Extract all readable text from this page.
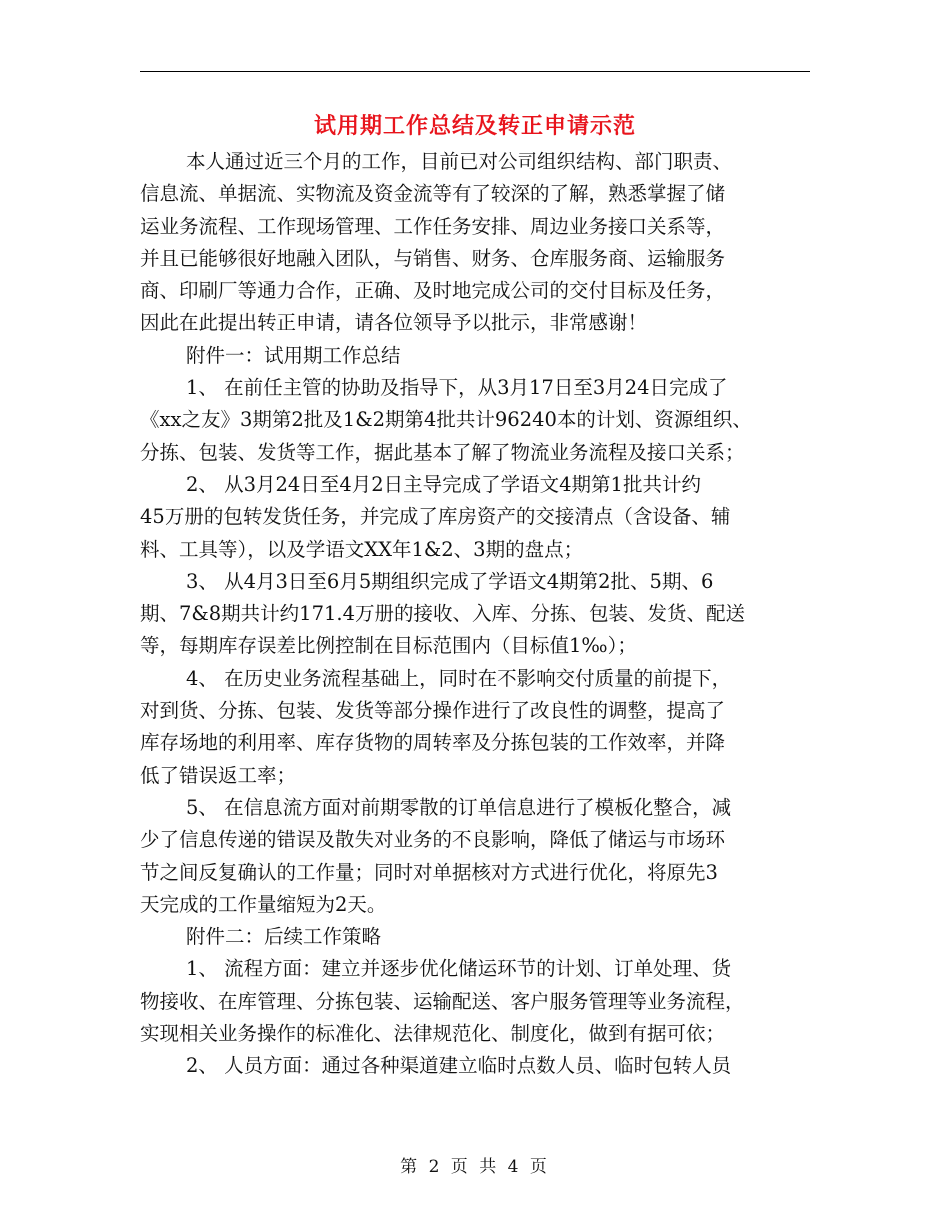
试用期工作总结及转正申请示范
本人通过近三个月的工作，目前已对公司组织结构、部门职责、
信息流、单据流、实物流及资金流等有了较深的了解，熟悉掌握了储
运业务流程、工作现场管理、工作任务安排、周边业务接口关系等，
并且已能够很好地融入团队，与销售、财务、仓库服务商、运输服务
商、印刷厂等通力合作，正确、及时地完成公司的交付目标及任务，
因此在此提出转正申请，请各位领导予以批示，非常感谢！
附件一：试用期工作总结
1、 在前任主管的协助及指导下，从3月17日至3月24日完成了
《xx之友》3期第2批及1&2期第4批共计96240本的计划、资源组织、
分拣、包装、发货等工作，据此基本了解了物流业务流程及接口关系；
2、 从3月24日至4月2日主导完成了学语文4期第1批共计约
45万册的包转发货任务，并完成了库房资产的交接清点（含设备、辅
料、工具等），以及学语文XX年1&2、3期的盘点；
3、 从4月3日至6月5期组织完成了学语文4期第2批、5期、6
期、7&8期共计约171.4万册的接收、入库、分拣、包装、发货、配送
等，每期库存误差比例控制在目标范围内（目标值1‰）；
4、 在历史业务流程基础上，同时在不影响交付质量的前提下，
对到货、分拣、包装、发货等部分操作进行了改良性的调整，提高了
库存场地的利用率、库存货物的周转率及分拣包装的工作效率，并降
低了错误返工率；
5、 在信息流方面对前期零散的订单信息进行了模板化整合，减
少了信息传递的错误及散失对业务的不良影响，降低了储运与市场环
节之间反复确认的工作量；同时对单据核对方式进行优化，将原先3
天完成的工作量缩短为2天。
附件二：后续工作策略
1、 流程方面：建立并逐步优化储运环节的计划、订单处理、货
物接收、在库管理、分拣包装、运输配送、客户服务管理等业务流程，
实现相关业务操作的标准化、法律规范化、制度化，做到有据可依；
2、 人员方面：通过各种渠道建立临时点数人员、临时包转人员
第 2 页 共 4 页
